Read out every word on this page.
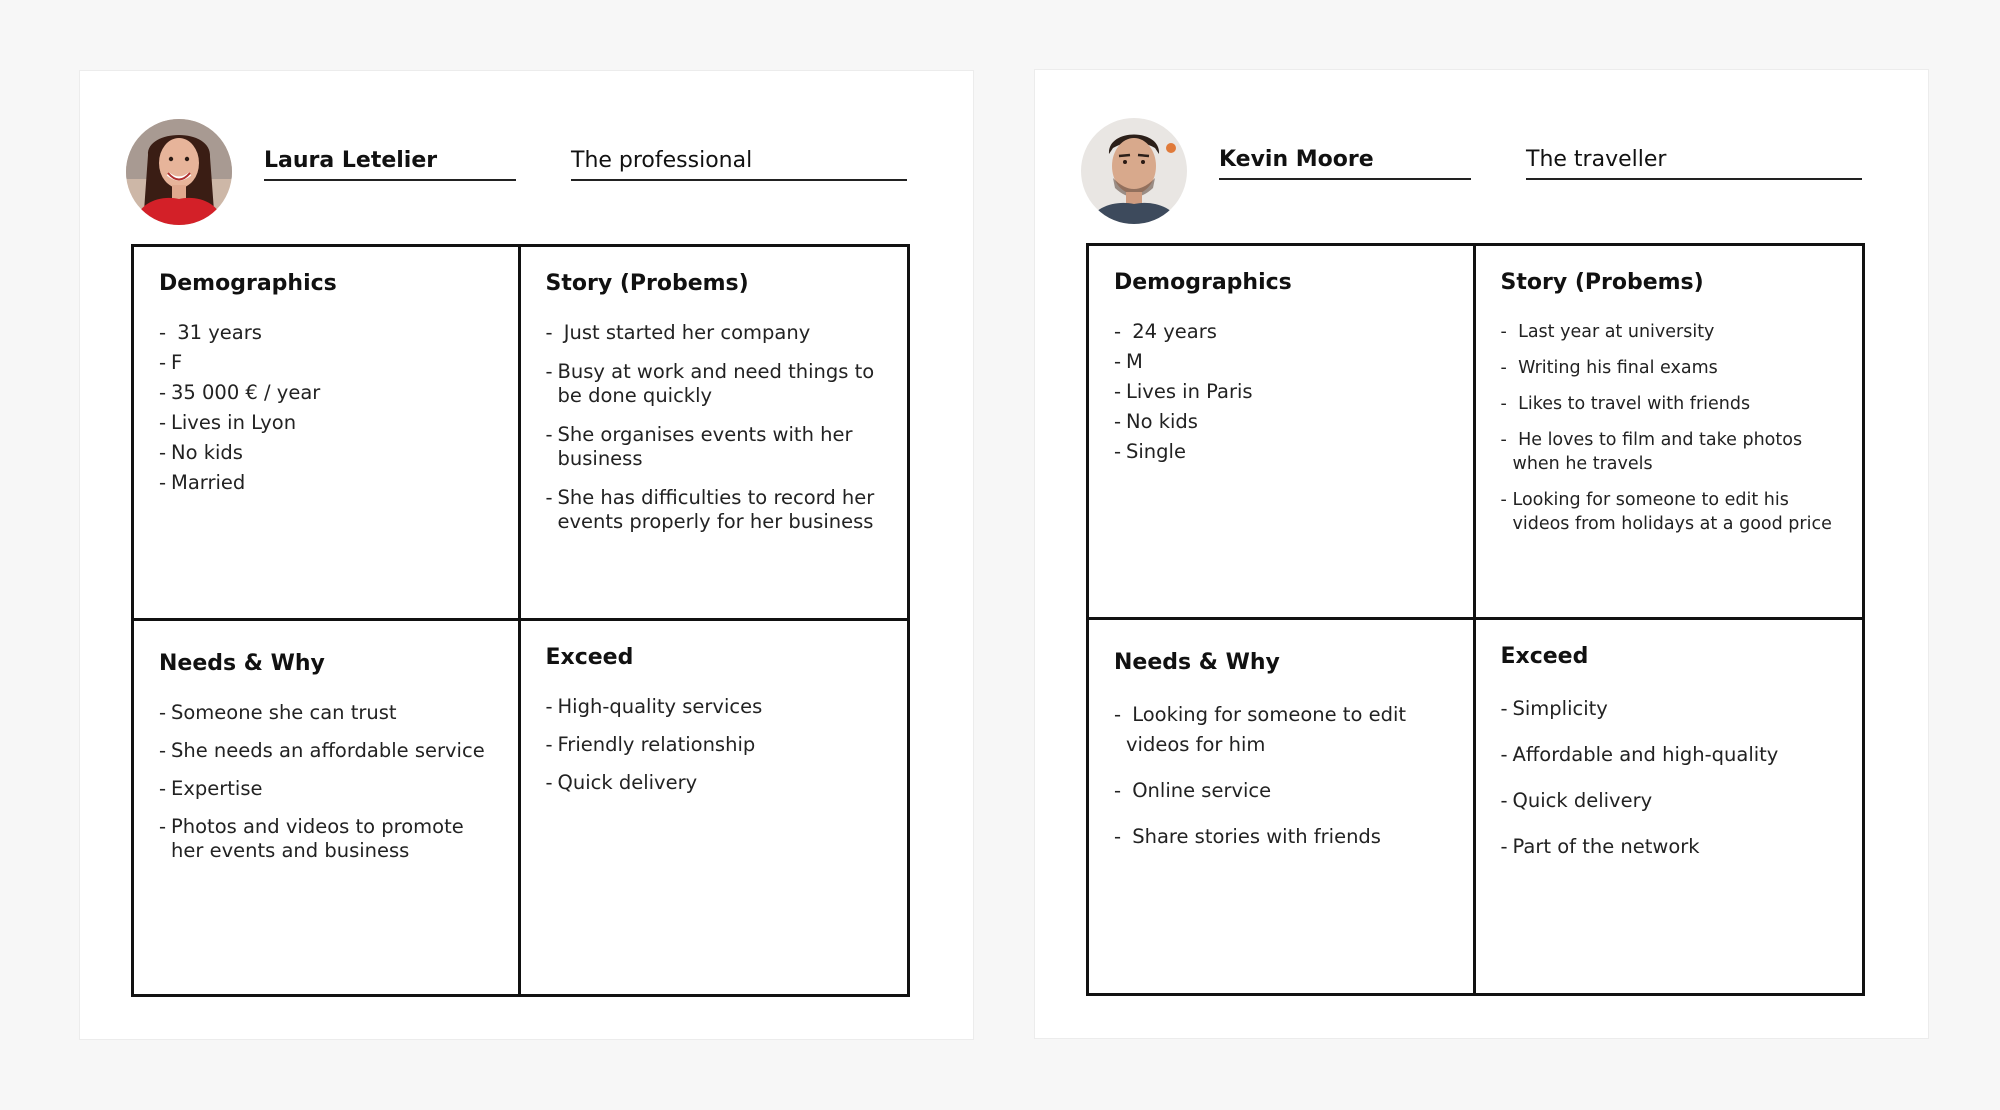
Laura Letelier	The professional
Demographics
- 31 years
- F
- 35 000 € / year
- Lives in Lyon
- No kids
- Married
Story (Probems)
- Just started her company
- Busy at work and need things to be done quickly
- She organises events with her business
- She has difficulties to record her events properly for her business
Needs & Why
- Someone she can trust
- She needs an affordable service
- Expertise
- Photos and videos to promote her events and business
Exceed
- High-quality services
- Friendly relationship
- Quick delivery
Kevin Moore	The traveller
Demographics
- 24 years
- M
- Lives in Paris
- No kids
- Single
Story (Probems)
- Last year at university
- Writing his final exams
- Likes to travel with friends
- He loves to film and take photos when he travels
- Looking for someone to edit his videos from holidays at a good price
Needs & Why
- Looking for someone to edit videos for him
- Online service
- Share stories with friends
Exceed
- Simplicity
- Affordable and high-quality
- Quick delivery
- Part of the network
